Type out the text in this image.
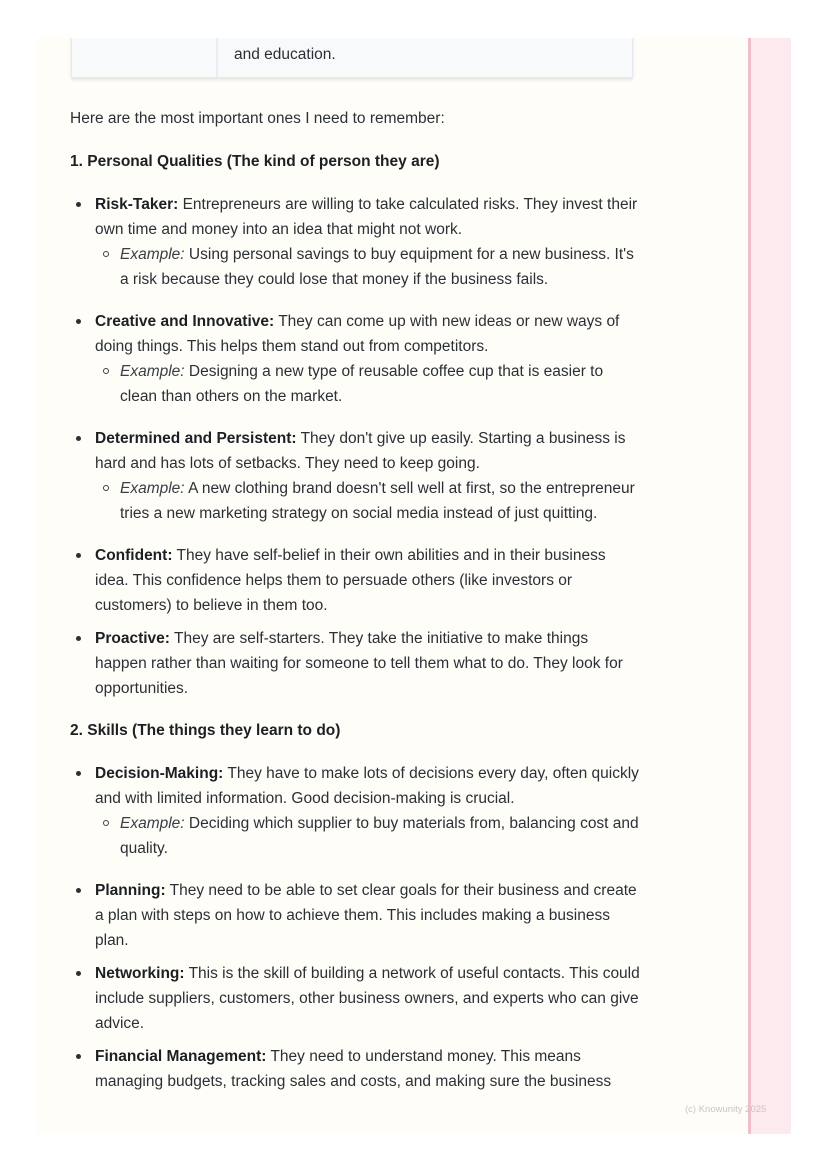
and education.

Here are the most important ones I need to remember:

1. Personal Qualities (The kind of person they are)
Risk-Taker: Entrepreneurs are willing to take calculated risks. They invest their own time and money into an idea that might not work.
Example: Using personal savings to buy equipment for a new business. It's a risk because they could lose that money if the business fails.
Creative and Innovative: They can come up with new ideas or new ways of doing things. This helps them stand out from competitors.
Example: Designing a new type of reusable coffee cup that is easier to clean than others on the market.
Determined and Persistent: They don't give up easily. Starting a business is hard and has lots of setbacks. They need to keep going.
Example: A new clothing brand doesn't sell well at first, so the entrepreneur tries a new marketing strategy on social media instead of just quitting.
Confident: They have self-belief in their own abilities and in their business idea. This confidence helps them to persuade others (like investors or customers) to believe in them too.
Proactive: They are self-starters. They take the initiative to make things happen rather than waiting for someone to tell them what to do. They look for opportunities.
2. Skills (The things they learn to do)
Decision-Making: They have to make lots of decisions every day, often quickly and with limited information. Good decision-making is crucial.
Example: Deciding which supplier to buy materials from, balancing cost and quality.
Planning: They need to be able to set clear goals for their business and create a plan with steps on how to achieve them. This includes making a business plan.
Networking: This is the skill of building a network of useful contacts. This could include suppliers, customers, other business owners, and experts who can give advice.
Financial Management: They need to understand money. This means managing budgets, tracking sales and costs, and making sure the business
(c) Knowunity 2025
